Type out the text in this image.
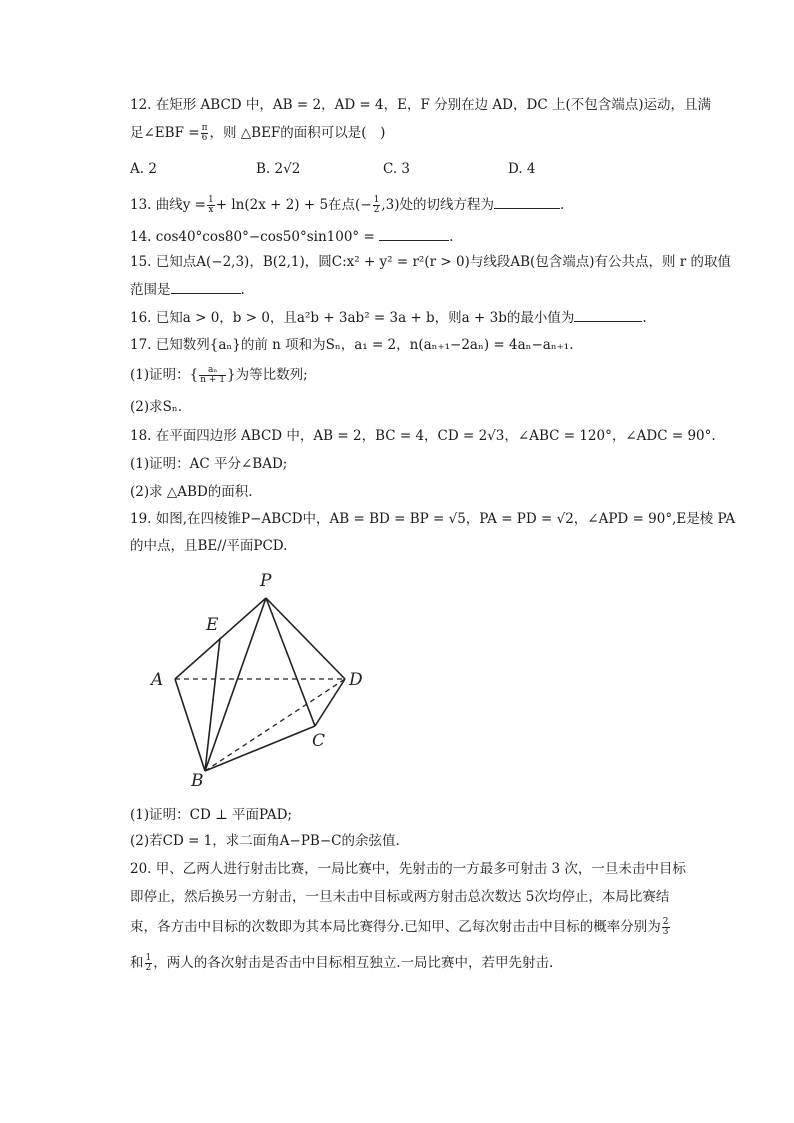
12. 在矩形 ABCD 中，AB = 2，AD = 4，E，F 分别在边 AD，DC 上(不包含端点)运动，且满
足∠EBF = $\frac{\pi}{6}$ ，则 △BEF的面积可以是(　)
A. 2	B. 2√2	C. 3	D. 4
13. 曲线$y = \frac{1}{x} + \ln(2x + 2) + 5$在点(− $\frac{1}{2} ,3$)处的切线方程为	.
14. cos40°cos80°−cos50°sin100° =	.
15. 已知点A(−2,3)，B(2,1)，圆C:x² + y² = r²(r > 0)与线段AB(包含端点)有公共点，则 r 的取值
范围是	.
16. 已知a > 0，b > 0，且a²b + 3ab² = 3a + b，则a + 3b的最小值为	.
17. 已知数列{aₙ}的前 n 项和为Sₙ，a₁ = 2，n(aₙ₊₁−2aₙ) = 4aₙ−aₙ₊₁.
(1)证明：{ $\frac{\text{aₙ}}{n + 1}$ }为等比数列;
(2)求Sₙ.
18. 在平面四边形 ABCD 中，AB = 2，BC = 4，CD = 2√3，∠ABC = 120°，∠ADC = 90°.
(1)证明：AC 平分∠BAD;
(2)求 △ABD的面积.
19. 如图,在四棱锥P−ABCD中，AB = BD = BP = √5，PA = PD = √2，∠APD = 90°,E是棱 PA
的中点，且BE//平面PCD.
P
E
A	D
C
B
(1)证明：CD ⊥ 平面PAD;
(2)若CD = 1，求二面角A−PB−C的余弦值.
20. 甲、乙两人进行射击比赛，一局比赛中，先射击的一方最多可射击 3 次，一旦未击中目标
即停止，然后换另一方射击，一旦未击中目标或两方射击总次数达 5次均停止，本局比赛结
束，各方击中目标的次数即为其本局比赛得分.已知甲、乙每次射击击中目标的概率分别为 $\frac{2}{3}$
和 $\frac{1}{2}$ ，两人的各次射击是否击中目标相互独立.一局比赛中，若甲先射击.
